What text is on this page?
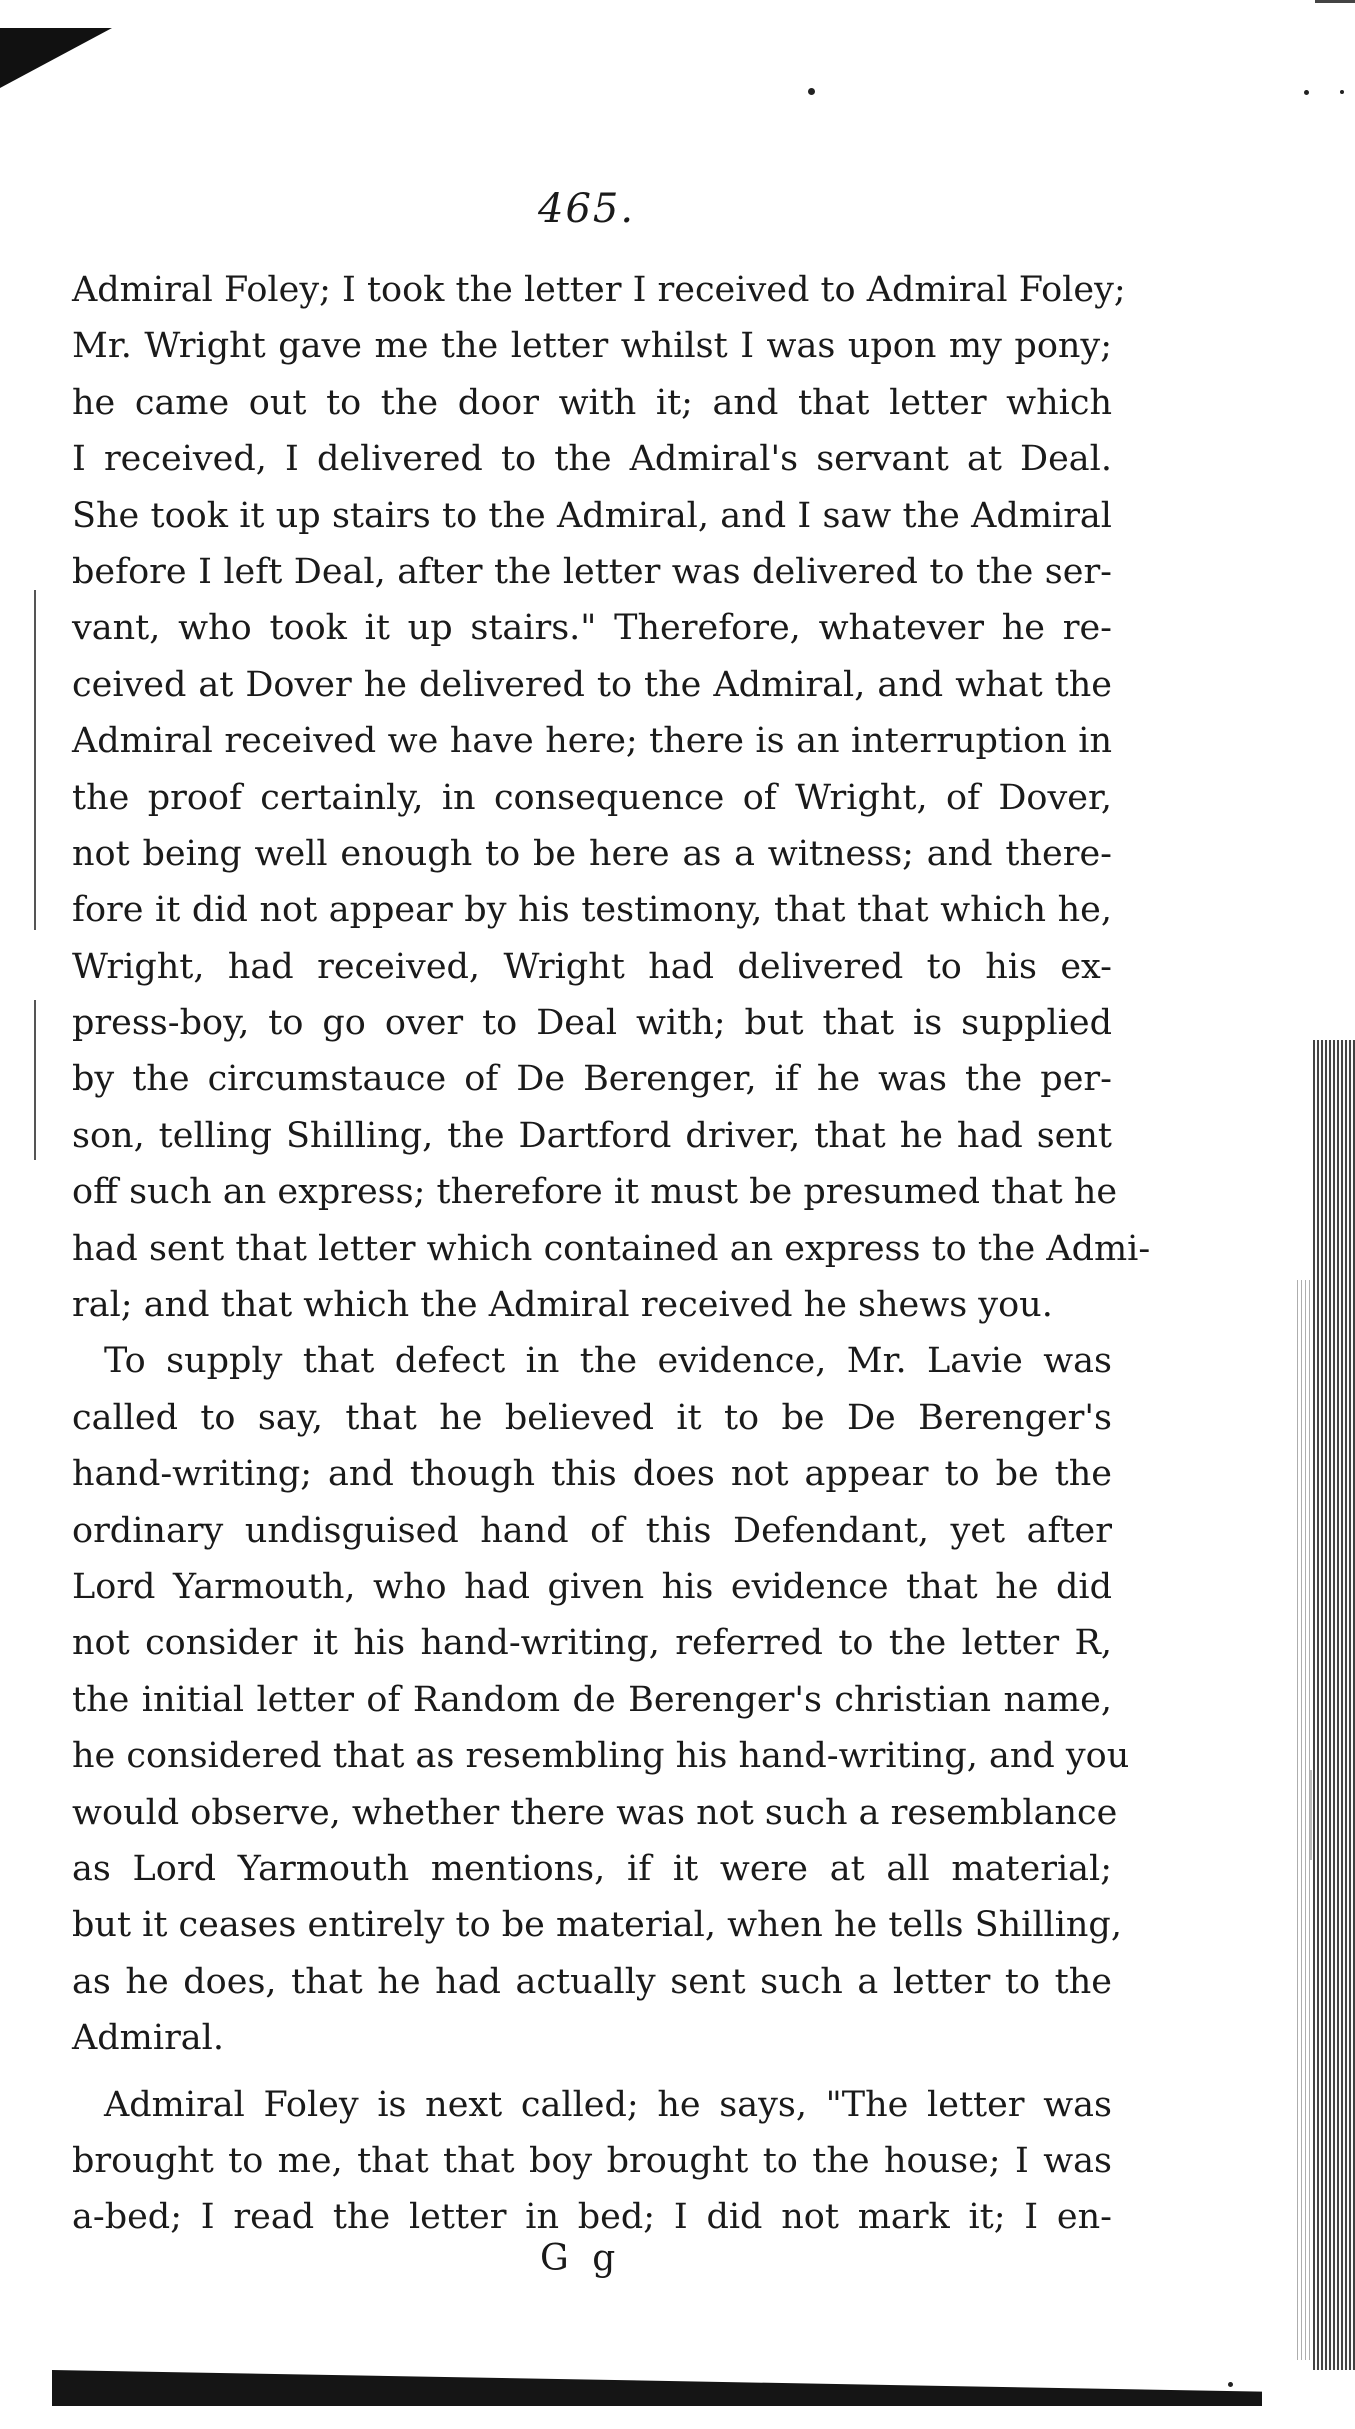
465.
Admiral Foley; I took the letter I received to Admiral Foley;
Mr. Wright gave me the letter whilst I was upon my pony;
he came out to the door with it; and that letter which
I received, I delivered to the Admiral's servant at Deal.
She took it up stairs to the Admiral, and I saw the Admiral
before I left Deal, after the letter was delivered to the ser-
vant, who took it up stairs." Therefore, whatever he re-
ceived at Dover he delivered to the Admiral, and what the
Admiral received we have here; there is an interruption in
the proof certainly, in consequence of Wright, of Dover,
not being well enough to be here as a witness; and there-
fore it did not appear by his testimony, that that which he,
Wright, had received, Wright had delivered to his ex-
press-boy, to go over to Deal with; but that is supplied
by the circumstauce of De Berenger, if he was the per-
son, telling Shilling, the Dartford driver, that he had sent
off such an express; therefore it must be presumed that he
had sent that letter which contained an express to the Admi-
ral; and that which the Admiral received he shews you.
To supply that defect in the evidence, Mr. Lavie was
called to say, that he believed it to be De Berenger's
hand-writing; and though this does not appear to be the
ordinary undisguised hand of this Defendant, yet after
Lord Yarmouth, who had given his evidence that he did
not consider it his hand-writing, referred to the letter R,
the initial letter of Random de Berenger's christian name,
he considered that as resembling his hand-writing, and you
would observe, whether there was not such a resemblance
as Lord Yarmouth mentions, if it were at all material;
but it ceases entirely to be material, when he tells Shilling,
as he does, that he had actually sent such a letter to the
Admiral.
Admiral Foley is next called; he says, "The letter was
brought to me, that that boy brought to the house; I was
a-bed; I read the letter in bed; I did not mark it; I en-
G g
